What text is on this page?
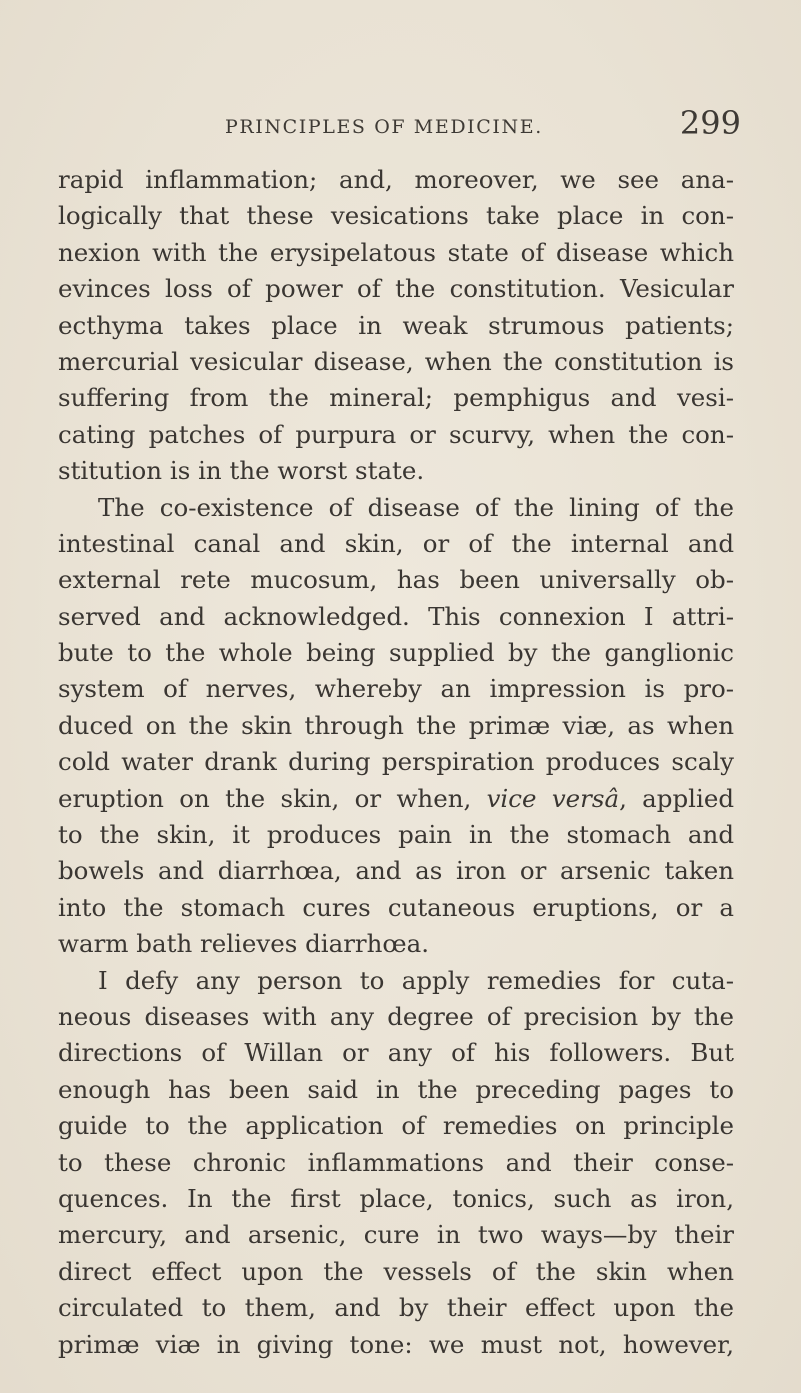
PRINCIPLES OF MEDICINE.	299
rapid inflammation; and, moreover, we see ana-
logically that these vesications take place in con-
nexion with the erysipelatous state of disease which
evinces loss of power of the constitution. Vesicular
ecthyma takes place in weak strumous patients;
mercurial vesicular disease, when the constitution is
suffering from the mineral; pemphigus and vesi-
cating patches of purpura or scurvy, when the con-
stitution is in the worst state.
The co-existence of disease of the lining of the
intestinal canal and skin, or of the internal and
external rete mucosum, has been universally ob-
served and acknowledged. This connexion I attri-
bute to the whole being supplied by the ganglionic
system of nerves, whereby an impression is pro-
duced on the skin through the primæ viæ, as when
cold water drank during perspiration produces scaly
eruption on the skin, or when, vice versâ, applied
to the skin, it produces pain in the stomach and
bowels and diarrhœa, and as iron or arsenic taken
into the stomach cures cutaneous eruptions, or a
warm bath relieves diarrhœa.
I defy any person to apply remedies for cuta-
neous diseases with any degree of precision by the
directions of Willan or any of his followers. But
enough has been said in the preceding pages to
guide to the application of remedies on principle
to these chronic inflammations and their conse-
quences. In the first place, tonics, such as iron,
mercury, and arsenic, cure in two ways—by their
direct effect upon the vessels of the skin when
circulated to them, and by their effect upon the
primæ viæ in giving tone: we must not, however,
